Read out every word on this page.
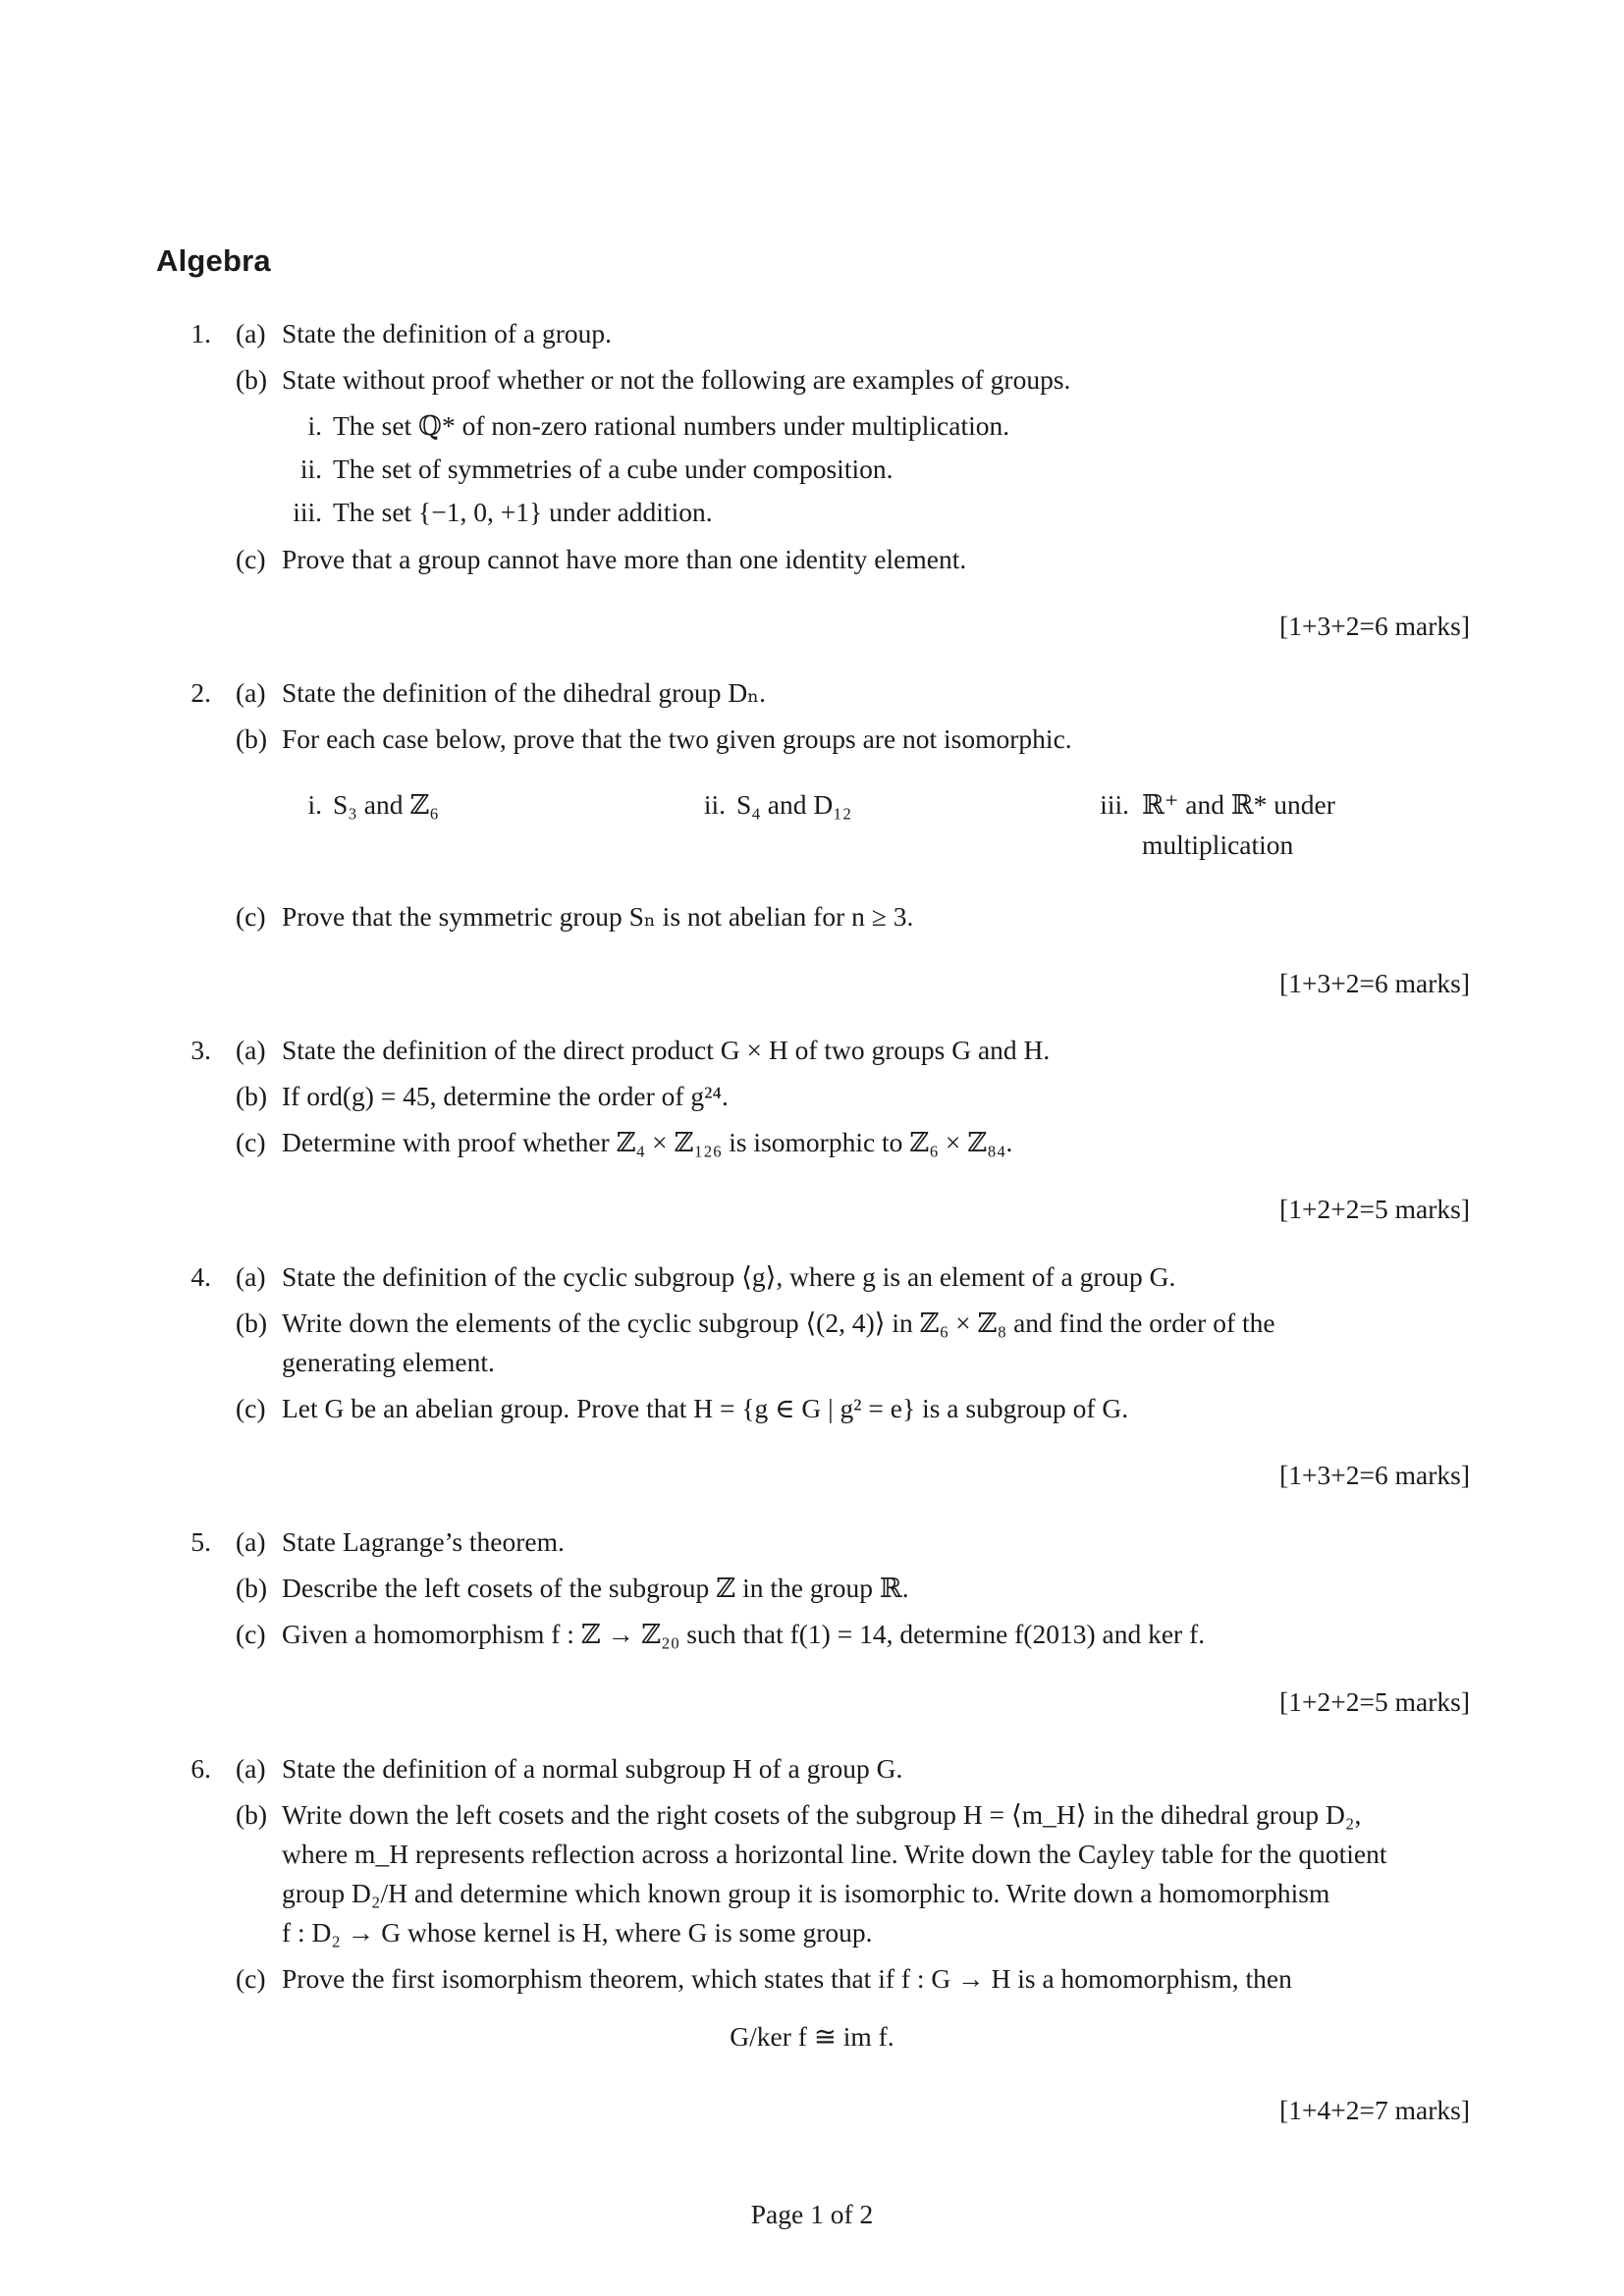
Algebra
1. (a) State the definition of a group.
(b) State without proof whether or not the following are examples of groups.
i. The set ℚ* of non-zero rational numbers under multiplication.
ii. The set of symmetries of a cube under composition.
iii. The set {−1, 0, +1} under addition.
(c) Prove that a group cannot have more than one identity element.
[1+3+2=6 marks]
2. (a) State the definition of the dihedral group Dₙ.
(b) For each case below, prove that the two given groups are not isomorphic.
i. S₃ and ℤ₆	ii. S₄ and D₁₂	iii. ℝ⁺ and ℝ* under
multiplication
(c) Prove that the symmetric group Sₙ is not abelian for n ≥ 3.
[1+3+2=6 marks]
3. (a) State the definition of the direct product G × H of two groups G and H.
(b) If ord(g) = 45, determine the order of g²⁴.
(c) Determine with proof whether ℤ₄ × ℤ₁₂₆ is isomorphic to ℤ₆ × ℤ₈₄.
[1+2+2=5 marks]
4. (a) State the definition of the cyclic subgroup ⟨g⟩, where g is an element of a group G.
(b) Write down the elements of the cyclic subgroup ⟨(2, 4)⟩ in ℤ₆ × ℤ₈ and find the order of the
generating element.
(c) Let G be an abelian group. Prove that H = {g ∈ G | g² = e} is a subgroup of G.
[1+3+2=6 marks]
5. (a) State Lagrange’s theorem.
(b) Describe the left cosets of the subgroup ℤ in the group ℝ.
(c) Given a homomorphism f : ℤ → ℤ₂₀ such that f(1) = 14, determine f(2013) and ker f.
[1+2+2=5 marks]
6. (a) State the definition of a normal subgroup H of a group G.
(b) Write down the left cosets and the right cosets of the subgroup H = ⟨m_H⟩ in the dihedral group D₂,
where m_H represents reflection across a horizontal line. Write down the Cayley table for the quotient
group D₂/H and determine which known group it is isomorphic to. Write down a homomorphism
f : D₂ → G whose kernel is H, where G is some group.
(c) Prove the first isomorphism theorem, which states that if f : G → H is a homomorphism, then
G/ker f ≅ im f.
[1+4+2=7 marks]
Page 1 of 2
